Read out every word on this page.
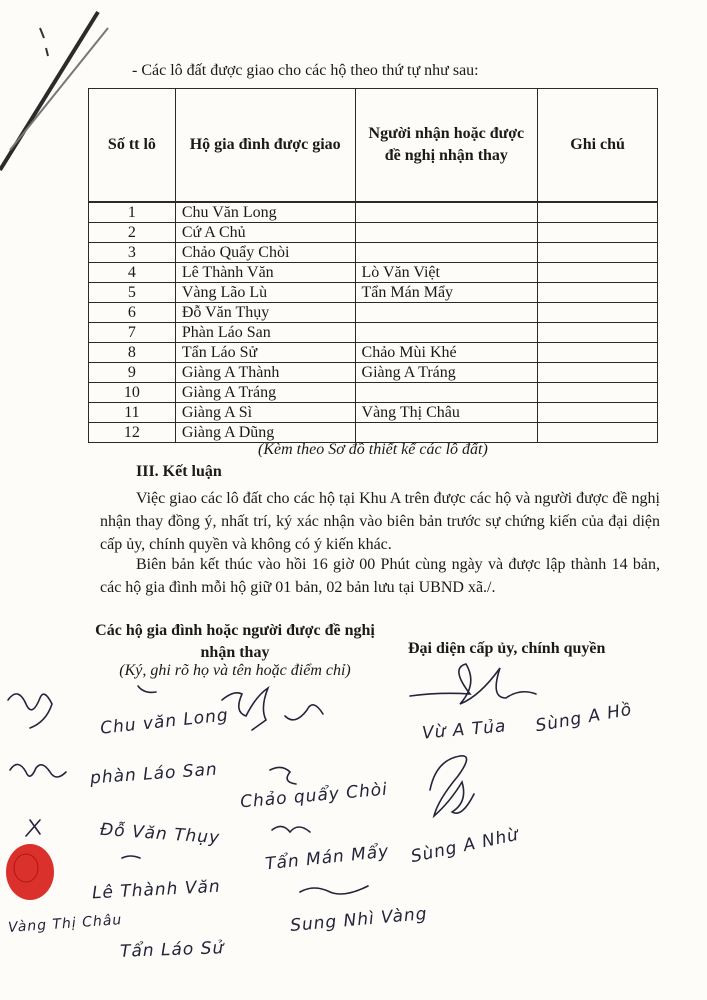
- Các lô đất được giao cho các hộ theo thứ tự như sau:
Số tt lô	Hộ gia đình được giao	Người nhận hoặc được đề nghị nhận thay	Ghi chú

1	Chu Văn Long		
2	Cứ A Chủ		
3	Chảo Quẩy Chòi		
4	Lê Thành Văn	Lò Văn Việt	
5	Vàng Lão Lù	Tẩn Mán Mẩy	
6	Đỗ Văn Thụy		
7	Phàn Láo San		
8	Tẩn Láo Sử	Chảo Mùi Khé	
9	Giàng A Thành	Giàng A Tráng	
10	Giàng A Tráng		
11	Giàng A Sì	Vàng Thị Châu	
12	Giàng A Dũng		
(Kèm theo Sơ đồ thiết kế các lô đất)
III. Kết luận
Việc giao các lô đất cho các hộ tại Khu A trên được các hộ và người được đề nghị nhận thay đồng ý, nhất trí, ký xác nhận vào biên bản trước sự chứng kiến của đại diện cấp ủy, chính quyền và không có ý kiến khác.
Biên bản kết thúc vào hồi 16 giờ 00 Phút cùng ngày và được lập thành 14 bản, các hộ gia đình mỗi hộ giữ 01 bản, 02 bản lưu tại UBND xã./.
Các hộ gia đình hoặc người được đề nghị nhận thay
(Ký, ghi rõ họ và tên hoặc điểm chỉ)
Đại diện cấp ủy, chính quyền
Chu văn Long
phàn Láo San
Đỗ Văn Thụy
Lê Thành Văn
Tẩn Láo Sử
Chảo quẩy Chòi
Tẩn Mán Mẩy
Sung Nhì Vàng
Vàng Thị Châu
Vừ A Tủa Sùng A Hồ
Sùng A Nhừ
